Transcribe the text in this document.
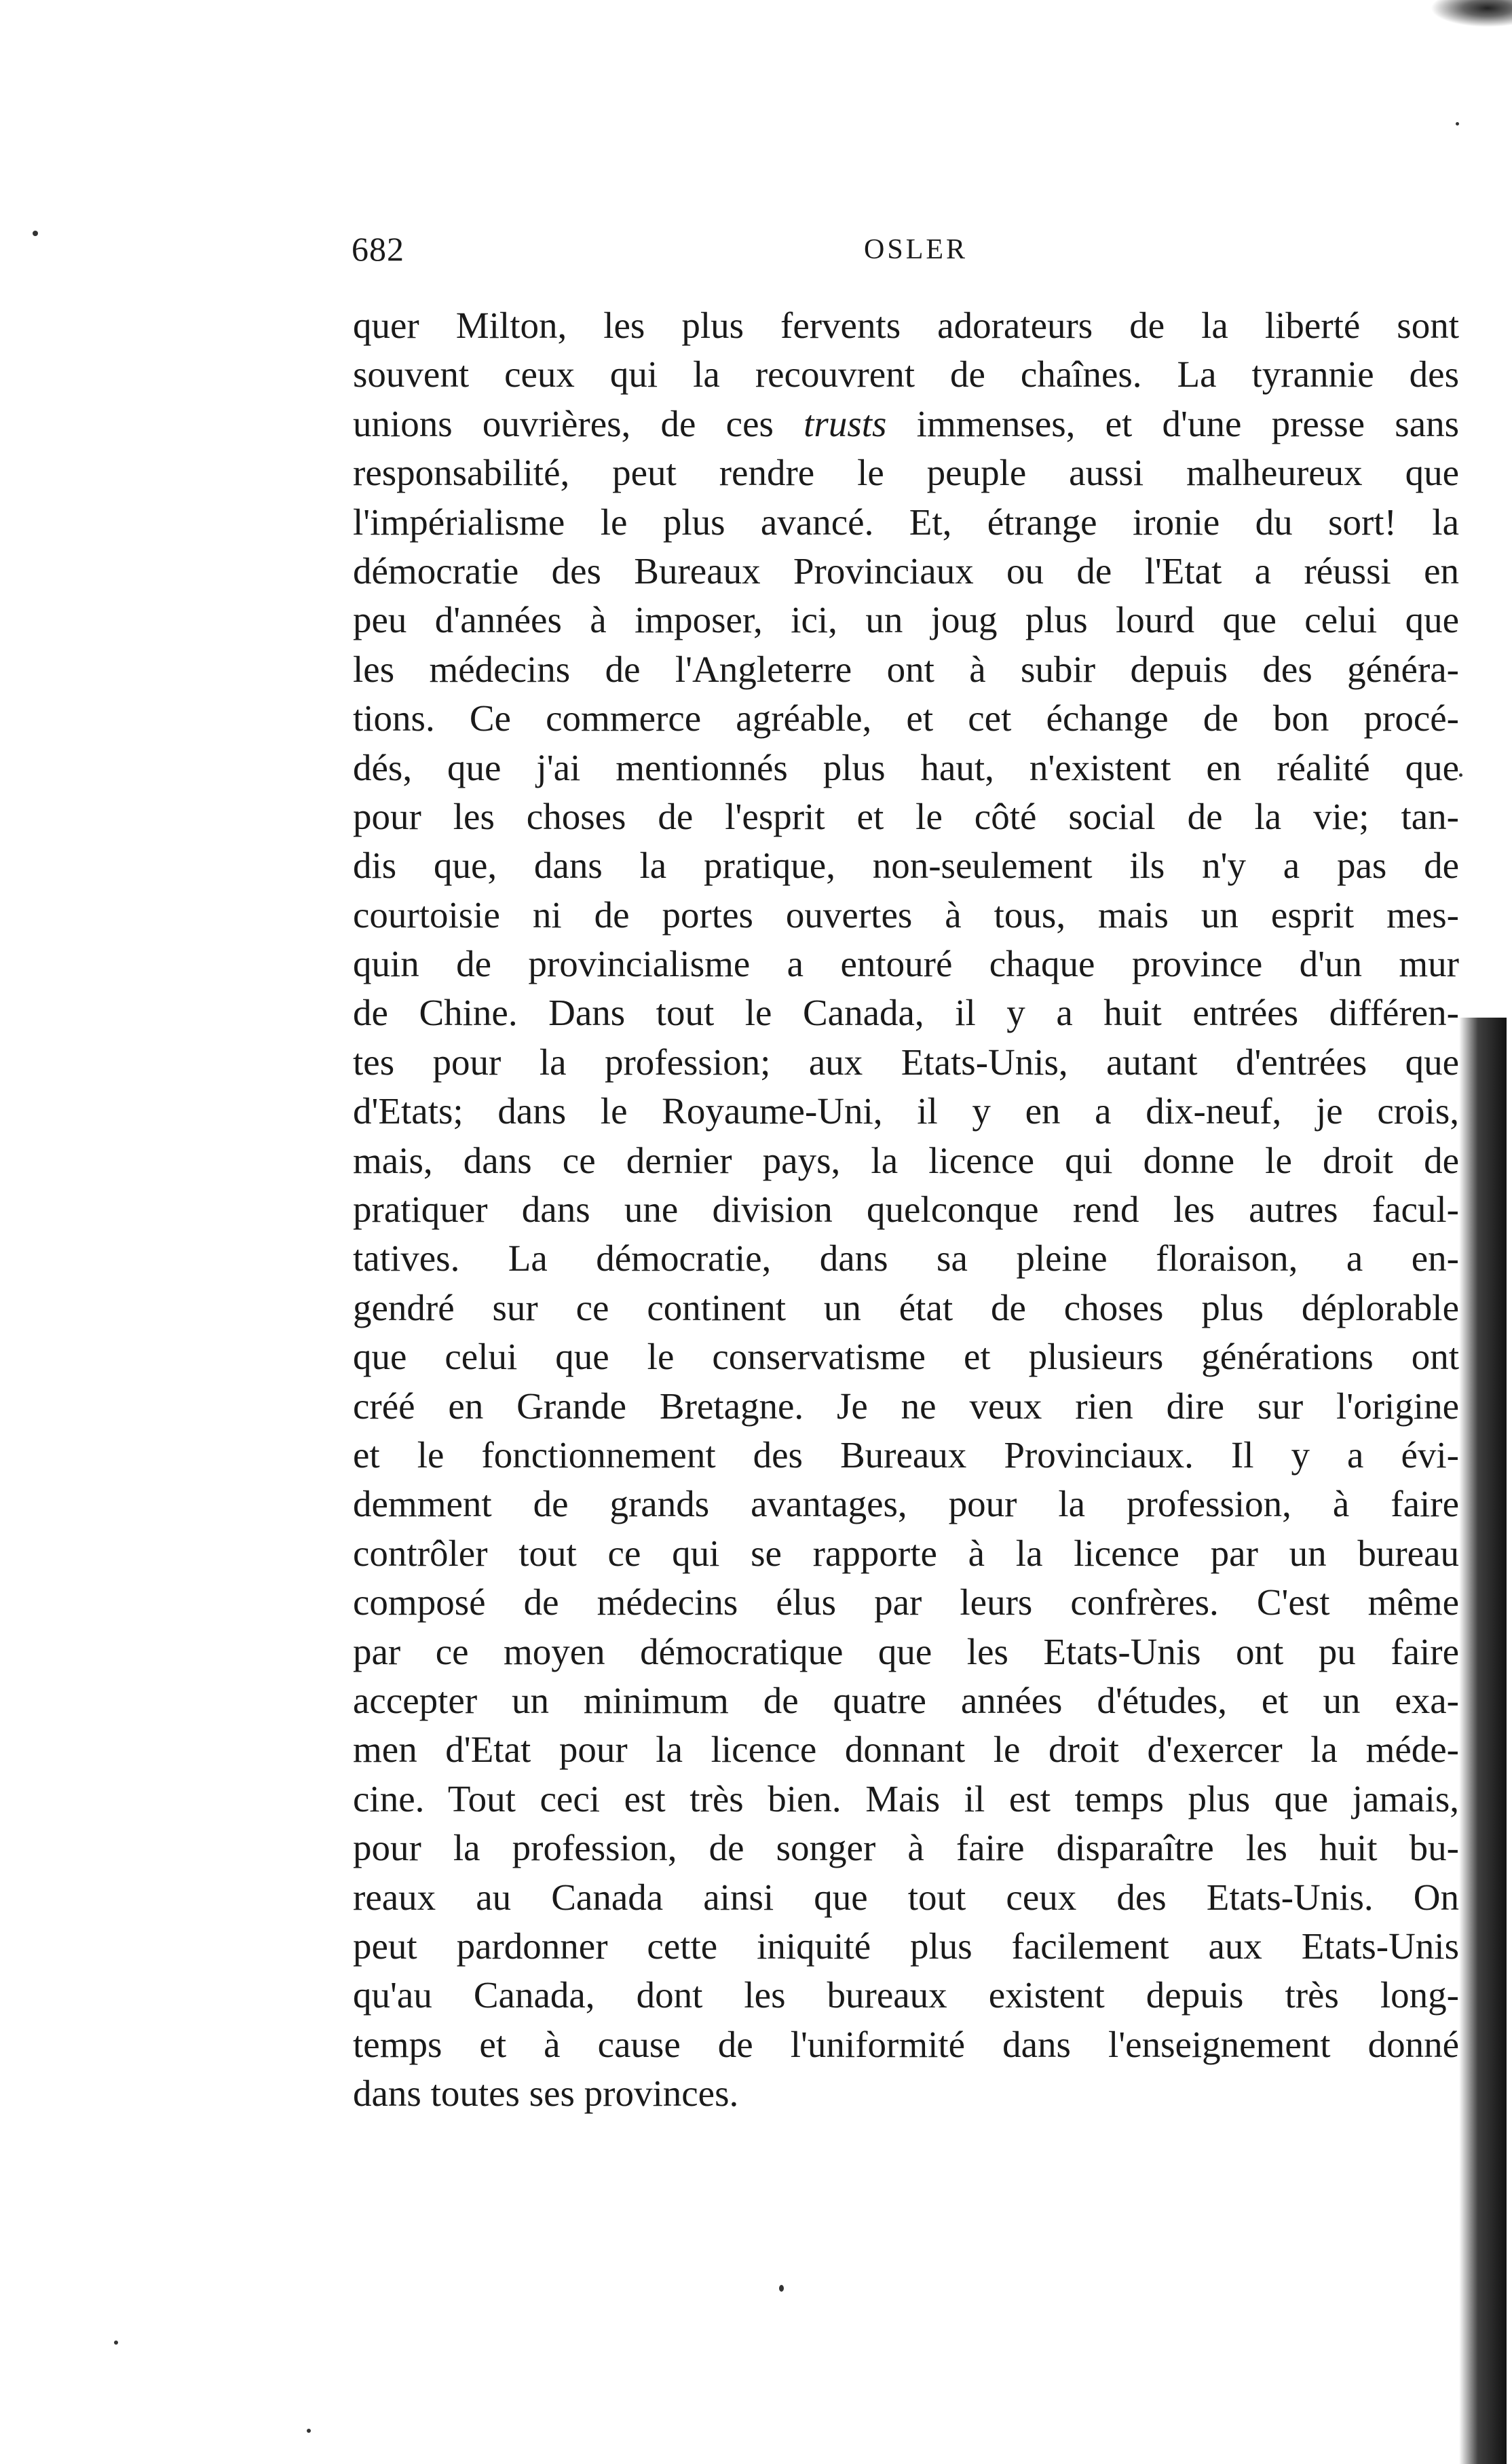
682	OSLER
quer Milton, les plus fervents adorateurs de la liberté sont
souvent ceux qui la recouvrent de chaînes. La tyrannie des
unions ouvrières, de ces trusts immenses, et d'une presse sans
responsabilité, peut rendre le peuple aussi malheureux que
l'impérialisme le plus avancé. Et, étrange ironie du sort! la
démocratie des Bureaux Provinciaux ou de l'Etat a réussi en
peu d'années à imposer, ici, un joug plus lourd que celui que
les médecins de l'Angleterre ont à subir depuis des généra-
tions. Ce commerce agréable, et cet échange de bon procé-
dés, que j'ai mentionnés plus haut, n'existent en réalité que
pour les choses de l'esprit et le côté social de la vie; tan-
dis que, dans la pratique, non-seulement ils n'y a pas de
courtoisie ni de portes ouvertes à tous, mais un esprit mes-
quin de provincialisme a entouré chaque province d'un mur
de Chine. Dans tout le Canada, il y a huit entrées différen-
tes pour la profession; aux Etats-Unis, autant d'entrées que
d'Etats; dans le Royaume-Uni, il y en a dix-neuf, je crois,
mais, dans ce dernier pays, la licence qui donne le droit de
pratiquer dans une division quelconque rend les autres facul-
tatives. La démocratie, dans sa pleine floraison, a en-
gendré sur ce continent un état de choses plus déplorable
que celui que le conservatisme et plusieurs générations ont
créé en Grande Bretagne. Je ne veux rien dire sur l'origine
et le fonctionnement des Bureaux Provinciaux. Il y a évi-
demment de grands avantages, pour la profession, à faire
contrôler tout ce qui se rapporte à la licence par un bureau
composé de médecins élus par leurs confrères. C'est même
par ce moyen démocratique que les Etats-Unis ont pu faire
accepter un minimum de quatre années d'études, et un exa-
men d'Etat pour la licence donnant le droit d'exercer la méde-
cine. Tout ceci est très bien. Mais il est temps plus que jamais,
pour la profession, de songer à faire disparaître les huit bu-
reaux au Canada ainsi que tout ceux des Etats-Unis. On
peut pardonner cette iniquité plus facilement aux Etats-Unis
qu'au Canada, dont les bureaux existent depuis très long-
temps et à cause de l'uniformité dans l'enseignement donné
dans toutes ses provinces.
